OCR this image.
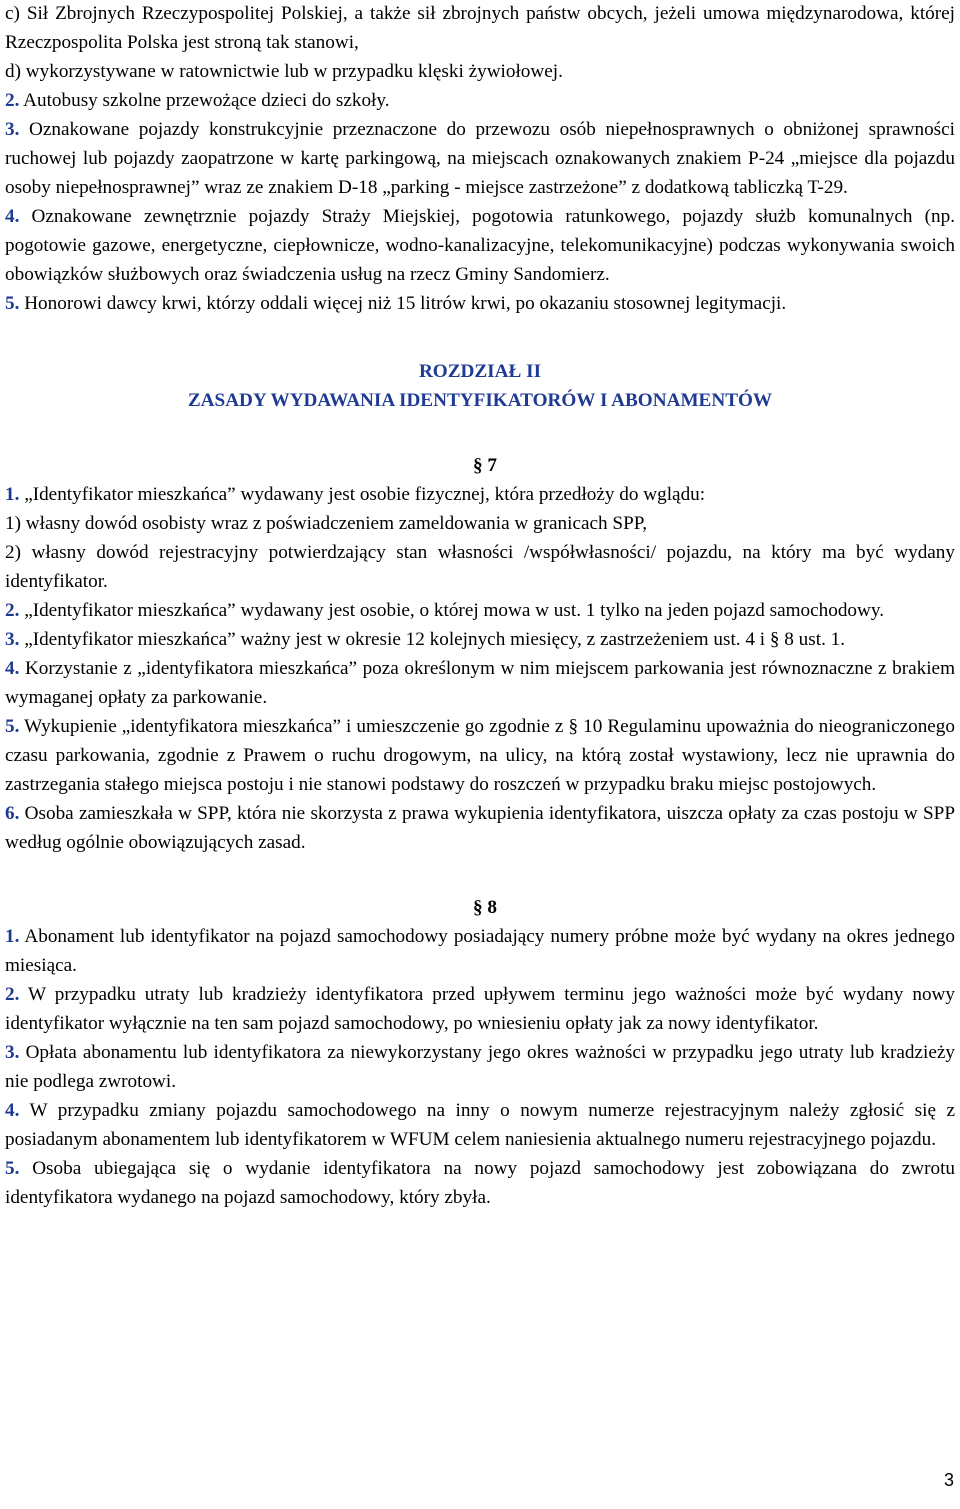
c) Sił Zbrojnych Rzeczypospolitej Polskiej, a także sił zbrojnych państw obcych, jeżeli umowa międzynarodowa, której Rzeczpospolita Polska jest stroną tak stanowi,

d) wykorzystywane w ratownictwie lub w przypadku klęski żywiołowej.

2. Autobusy szkolne przewożące dzieci do szkoły.

3. Oznakowane pojazdy konstrukcyjnie przeznaczone do przewozu osób niepełnosprawnych o obniżonej sprawności ruchowej lub pojazdy zaopatrzone w kartę parkingową, na miejscach oznakowanych znakiem P-24 „miejsce dla pojazdu osoby niepełnosprawnej” wraz ze znakiem D-18 „parking - miejsce zastrzeżone” z dodatkową tabliczką T-29.

4. Oznakowane zewnętrznie pojazdy Straży Miejskiej, pogotowia ratunkowego, pojazdy służb komunalnych (np. pogotowie gazowe, energetyczne, ciepłownicze, wodno-kanalizacyjne, telekomunikacyjne) podczas wykonywania swoich obowiązków służbowych oraz świadczenia usług na rzecz Gminy Sandomierz.

5. Honorowi dawcy krwi, którzy oddali więcej niż 15 litrów krwi, po okazaniu stosownej legitymacji.

ROZDZIAŁ II

ZASADY WYDAWANIA IDENTYFIKATORÓW I ABONAMENTÓW

§ 7

1. „Identyfikator mieszkańca” wydawany jest osobie fizycznej, która przedłoży do wglądu:

1) własny dowód osobisty wraz z poświadczeniem zameldowania w granicach SPP,

2) własny dowód rejestracyjny potwierdzający stan własności /współwłasności/ pojazdu, na który ma być wydany identyfikator.

2. „Identyfikator mieszkańca” wydawany jest osobie, o której mowa w ust. 1 tylko na jeden pojazd samochodowy.

3. „Identyfikator mieszkańca” ważny jest w okresie 12 kolejnych miesięcy, z zastrzeżeniem ust. 4 i § 8 ust. 1.

4. Korzystanie z „identyfikatora mieszkańca” poza określonym w nim miejscem parkowania jest równoznaczne z brakiem wymaganej opłaty za parkowanie.

5. Wykupienie „identyfikatora mieszkańca” i umieszczenie go zgodnie z § 10 Regulaminu upoważnia do nieograniczonego czasu parkowania, zgodnie z Prawem o ruchu drogowym, na ulicy, na którą został wystawiony, lecz nie uprawnia do zastrzegania stałego miejsca postoju i nie stanowi podstawy do roszczeń w przypadku braku miejsc postojowych.

6. Osoba zamieszkała w SPP, która nie skorzysta z prawa wykupienia identyfikatora, uiszcza opłaty za czas postoju w SPP według ogólnie obowiązujących zasad.

§ 8

1. Abonament lub identyfikator na pojazd samochodowy posiadający numery próbne może być wydany na okres jednego miesiąca.

2. W przypadku utraty lub kradzieży identyfikatora przed upływem terminu jego ważności może być wydany nowy identyfikator wyłącznie na ten sam pojazd samochodowy, po wniesieniu opłaty jak za nowy identyfikator.

3. Opłata abonamentu lub identyfikatora za niewykorzystany jego okres ważności w przypadku jego utraty lub kradzieży nie podlega zwrotowi.

4. W przypadku zmiany pojazdu samochodowego na inny o nowym numerze rejestracyjnym należy zgłosić się z posiadanym abonamentem lub identyfikatorem w WFUM celem naniesienia aktualnego numeru rejestracyjnego pojazdu.

5. Osoba ubiegająca się o wydanie identyfikatora na nowy pojazd samochodowy jest zobowiązana do zwrotu identyfikatora wydanego na pojazd samochodowy, który zbyła.

3
